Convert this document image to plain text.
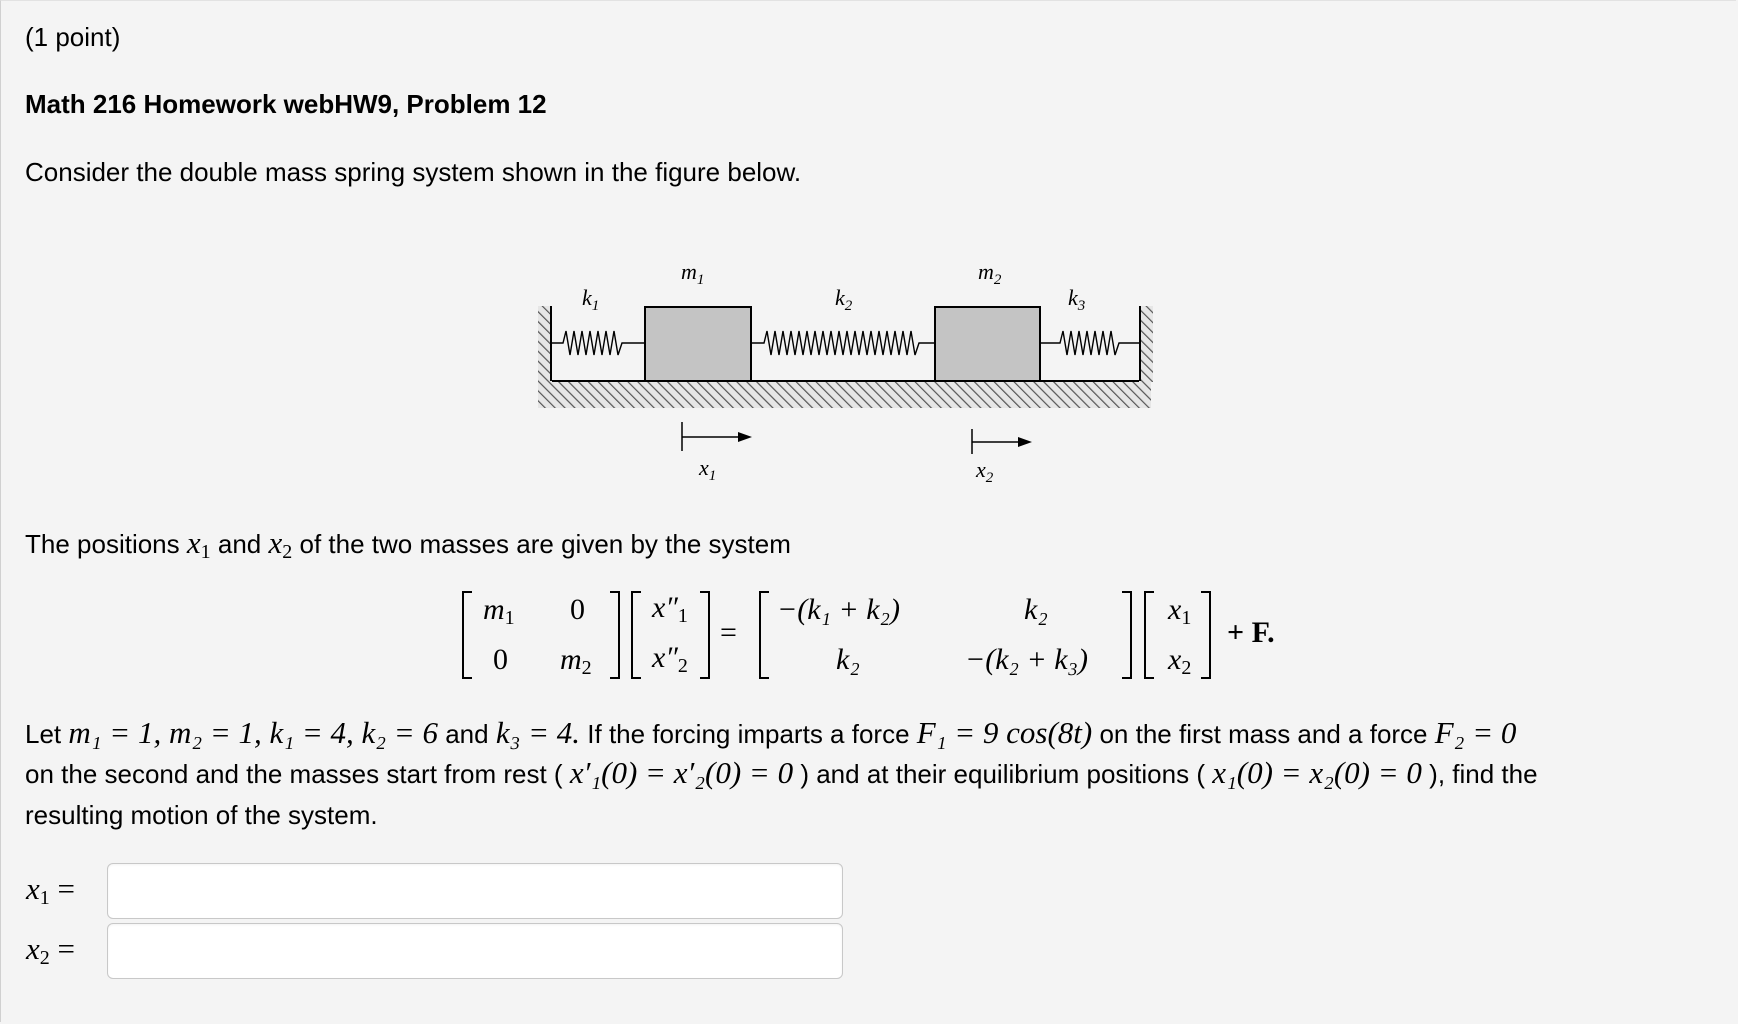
(1 point)
Math 216 Homework webHW9, Problem 12
Consider the double mass spring system shown in the figure below.
$m_1$	$m_2$
$k_1$	$k_2$	$k_3$
$x_1$	$x_2$
The positions $x_1$ and $x_2$ of the two masses are given by the system
$m_1$ 0
0 $m_2$
$x''_1$
$x''_2$
=
−(k₁ + k₂)	k₂
k₂	−(k₂ + k₃)
$x_1$
$x_2$
+ F.
Let m₁ = 1, m₂ = 1, k₁ = 4, k₂ = 6 and k₃ = 4. If the forcing imparts a force F₁ = 9 cos(8t) on the first mass and a force F₂ = 0
on the second and the masses start from rest ( x′₁(0) = x′₂(0) = 0 ) and at their equilibrium positions ( x₁(0) = x₂(0) = 0 ), find the
resulting motion of the system.
$x_1$ =
$x_2$ =
